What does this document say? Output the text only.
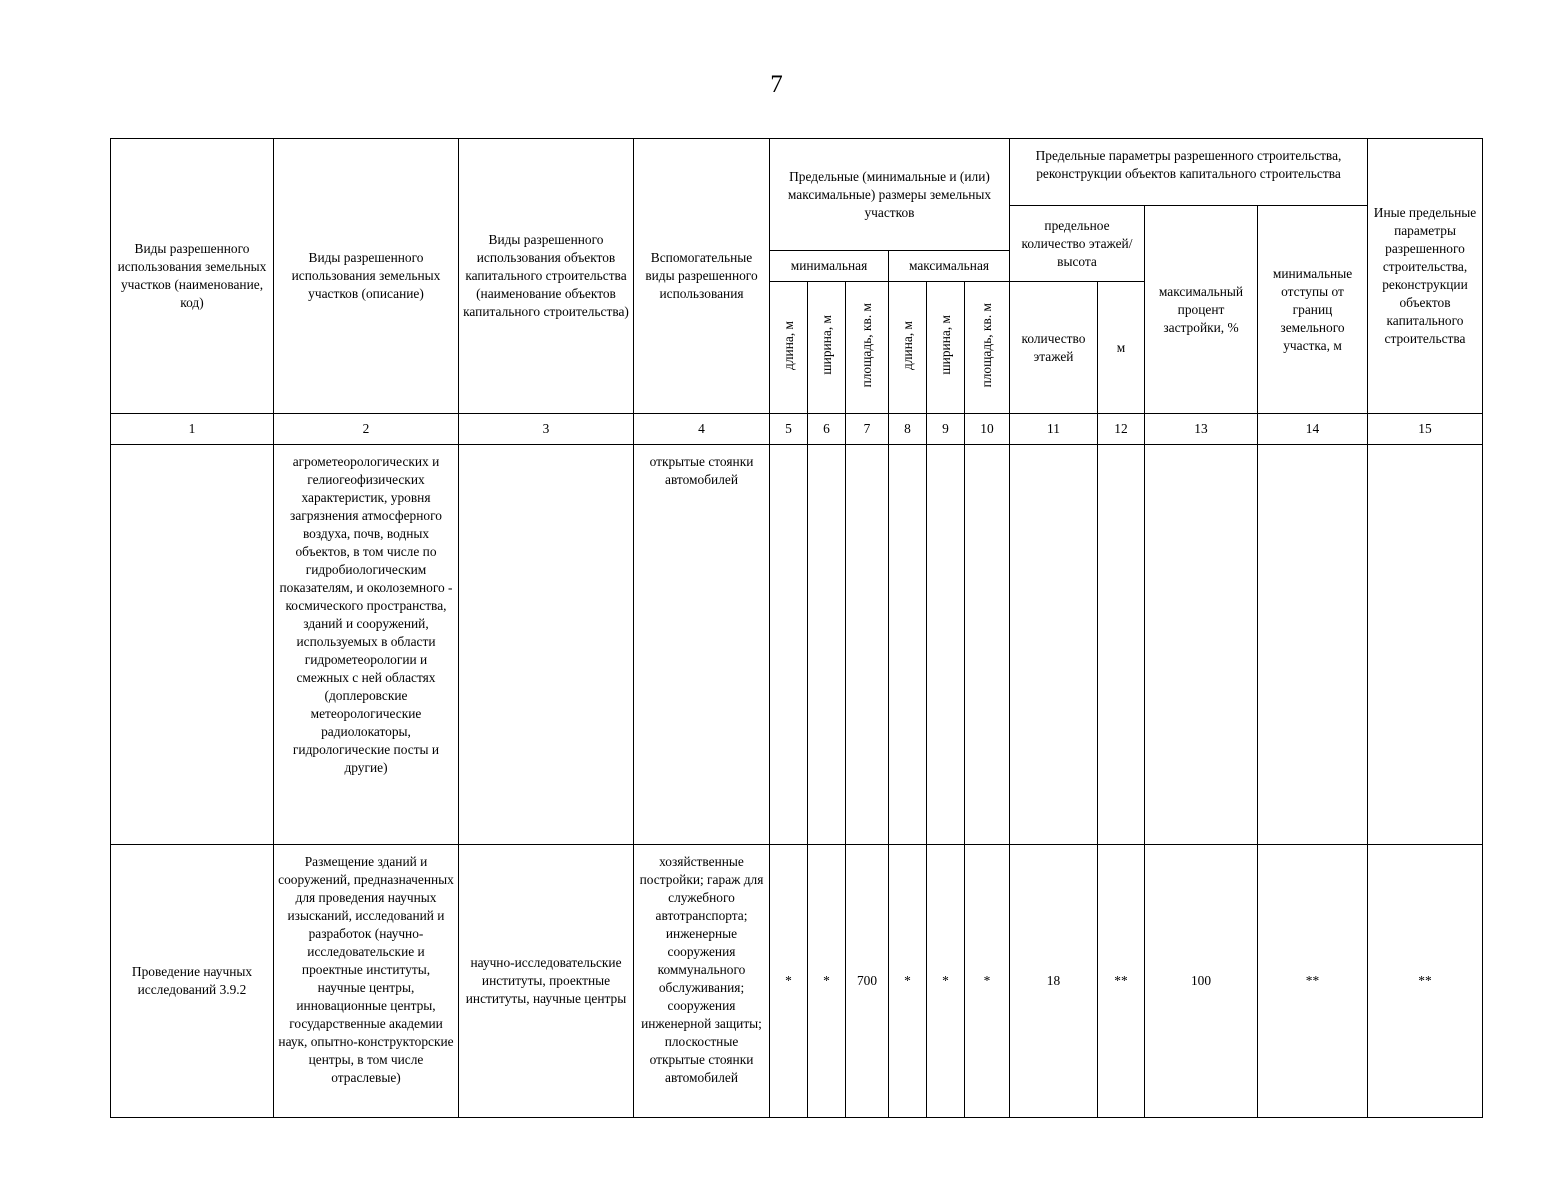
7
Виды разрешенного использования земельных участков (наименование, код)	Виды разрешенного использования земельных участков (описание)	Виды разрешенного использования объектов капитального строительства (наименование объектов капитального строительства)	Вспомогательные виды разрешенного использования	Предельные (минимальные и (или) максимальные) размеры земельных участков						Предельные параметры разрешенного строительства, реконструкции объектов капитального строительства				Иные предельные параметры разрешенного строительства, реконструкции объектов капитального строительства
										предельное количество этажей/высота		максимальный процент застройки, %	минимальные отступы от границ земельного участка, м	
				минимальная			максимальная							
				длина, м	ширина, м	площадь, кв. м	длина, м	ширина, м	площадь, кв. м	количество этажей	м			
1	2	3	4	5	6	7	8	9	10	11	12	13	14	15
	агрометеорологических и гелиогеофизических характеристик, уровня загрязнения атмосферного воздуха, почв, водных объектов, в том числе по гидробиологическим показателям, и околоземного - космического пространства, зданий и сооружений, используемых в области гидрометеорологии и смежных с ней областях (доплеровские метеорологические радиолокаторы, гидрологические посты и другие)		открытые стоянки автомобилей											
Проведение научных исследований 3.9.2	Размещение зданий и сооружений, предназначенных для проведения научных изысканий, исследований и разработок (научно-исследовательские и проектные институты, научные центры, инновационные центры, государственные академии наук, опытно-конструкторские центры, в том числе отраслевые)	научно-исследовательские институты, проектные институты, научные центры	хозяйственные постройки; гараж для служебного автотранспорта; инженерные сооружения коммунального обслуживания; сооружения инженерной защиты; плоскостные открытые стоянки автомобилей	*	*	700	*	*	*	18	**	100	**	**
